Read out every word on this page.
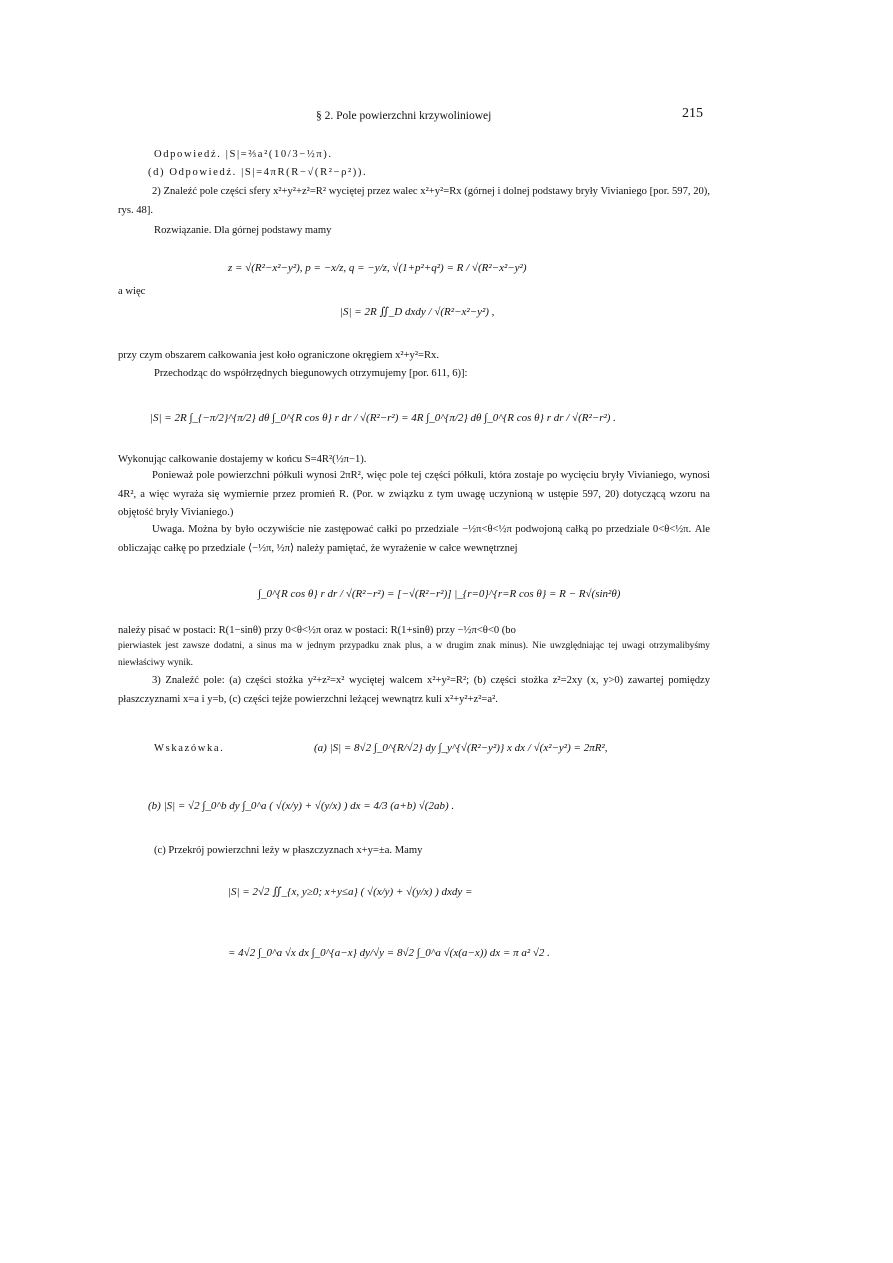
§ 2. Pole powierzchni krzywoliniowej	215
Odpowiedź. |S|=⅔a²(10/3−½π).
(d) Odpowiedź. |S|=4πR(R−√(R²−ρ²)).
2) Znaleźć pole części sfery x²+y²+z²=R² wyciętej przez walec x²+y²=Rx (górnej i dolnej podstawy bryły Vivianiego [por. 597, 20), rys. 48].
Rozwiązanie. Dla górnej podstawy mamy
z = √(R²−x²−y²), p = −x/z, q = −y/z, √(1+p²+q²) = R / √(R²−x²−y²)
a więc
|S| = 2R ∬_D dxdy / √(R²−x²−y²) ,
przy czym obszarem całkowania jest koło ograniczone okręgiem x²+y²=Rx.
Przechodząc do współrzędnych biegunowych otrzymujemy [por. 611, 6)]:
|S| = 2R ∫_{−π/2}^{π/2} dθ ∫_0^{R cos θ} r dr / √(R²−r²) = 4R ∫_0^{π/2} dθ ∫_0^{R cos θ} r dr / √(R²−r²) .
Wykonując całkowanie dostajemy w końcu S=4R²(½π−1).
Ponieważ pole powierzchni półkuli wynosi 2πR², więc pole tej części półkuli, która zostaje po wycięciu bryły Vivianiego, wynosi 4R², a więc wyraża się wymiernie przez promień R. (Por. w związku z tym uwagę uczynioną w ustępie 597, 20) dotyczącą wzoru na objętość bryły Vivianiego.)
Uwaga. Można by było oczywiście nie zastępować całki po przedziale −½π<θ<½π podwojoną całką po przedziale 0<θ<½π. Ale obliczając całkę po przedziale ⟨−½π, ½π⟩ należy pamiętać, że wyrażenie w całce wewnętrznej
∫_0^{R cos θ} r dr / √(R²−r²) = [−√(R²−r²)] |_{r=0}^{r=R cos θ} = R − R√(sin²θ)
należy pisać w postaci: R(1−sinθ) przy 0<θ<½π oraz w postaci: R(1+sinθ) przy −½π<θ<0 (bo
pierwiastek jest zawsze dodatni, a sinus ma w jednym przypadku znak plus, a w drugim znak minus). Nie uwzględniając tej uwagi otrzymalibyśmy niewłaściwy wynik.
3) Znaleźć pole: (a) części stożka y²+z²=x² wyciętej walcem x²+y²=R²; (b) części stożka z²=2xy (x, y>0) zawartej pomiędzy płaszczyznami x=a i y=b, (c) części tejże powierzchni leżącej wewnątrz kuli x²+y²+z²=a².
Wskazówka.	(a) |S| = 8√2 ∫_0^{R/√2} dy ∫_y^{√(R²−y²)} x dx / √(x²−y²) = 2πR²,
(b) |S| = √2 ∫_0^b dy ∫_0^a ( √(x/y) + √(y/x) ) dx = 4/3 (a+b) √(2ab) .
(c) Przekrój powierzchni leży w płaszczyznach x+y=±a. Mamy
|S| = 2√2 ∬_{x, y≥0; x+y≤a} ( √(x/y) + √(y/x) ) dxdy =
= 4√2 ∫_0^a √x dx ∫_0^{a−x} dy/√y = 8√2 ∫_0^a √(x(a−x)) dx = π a² √2 .
